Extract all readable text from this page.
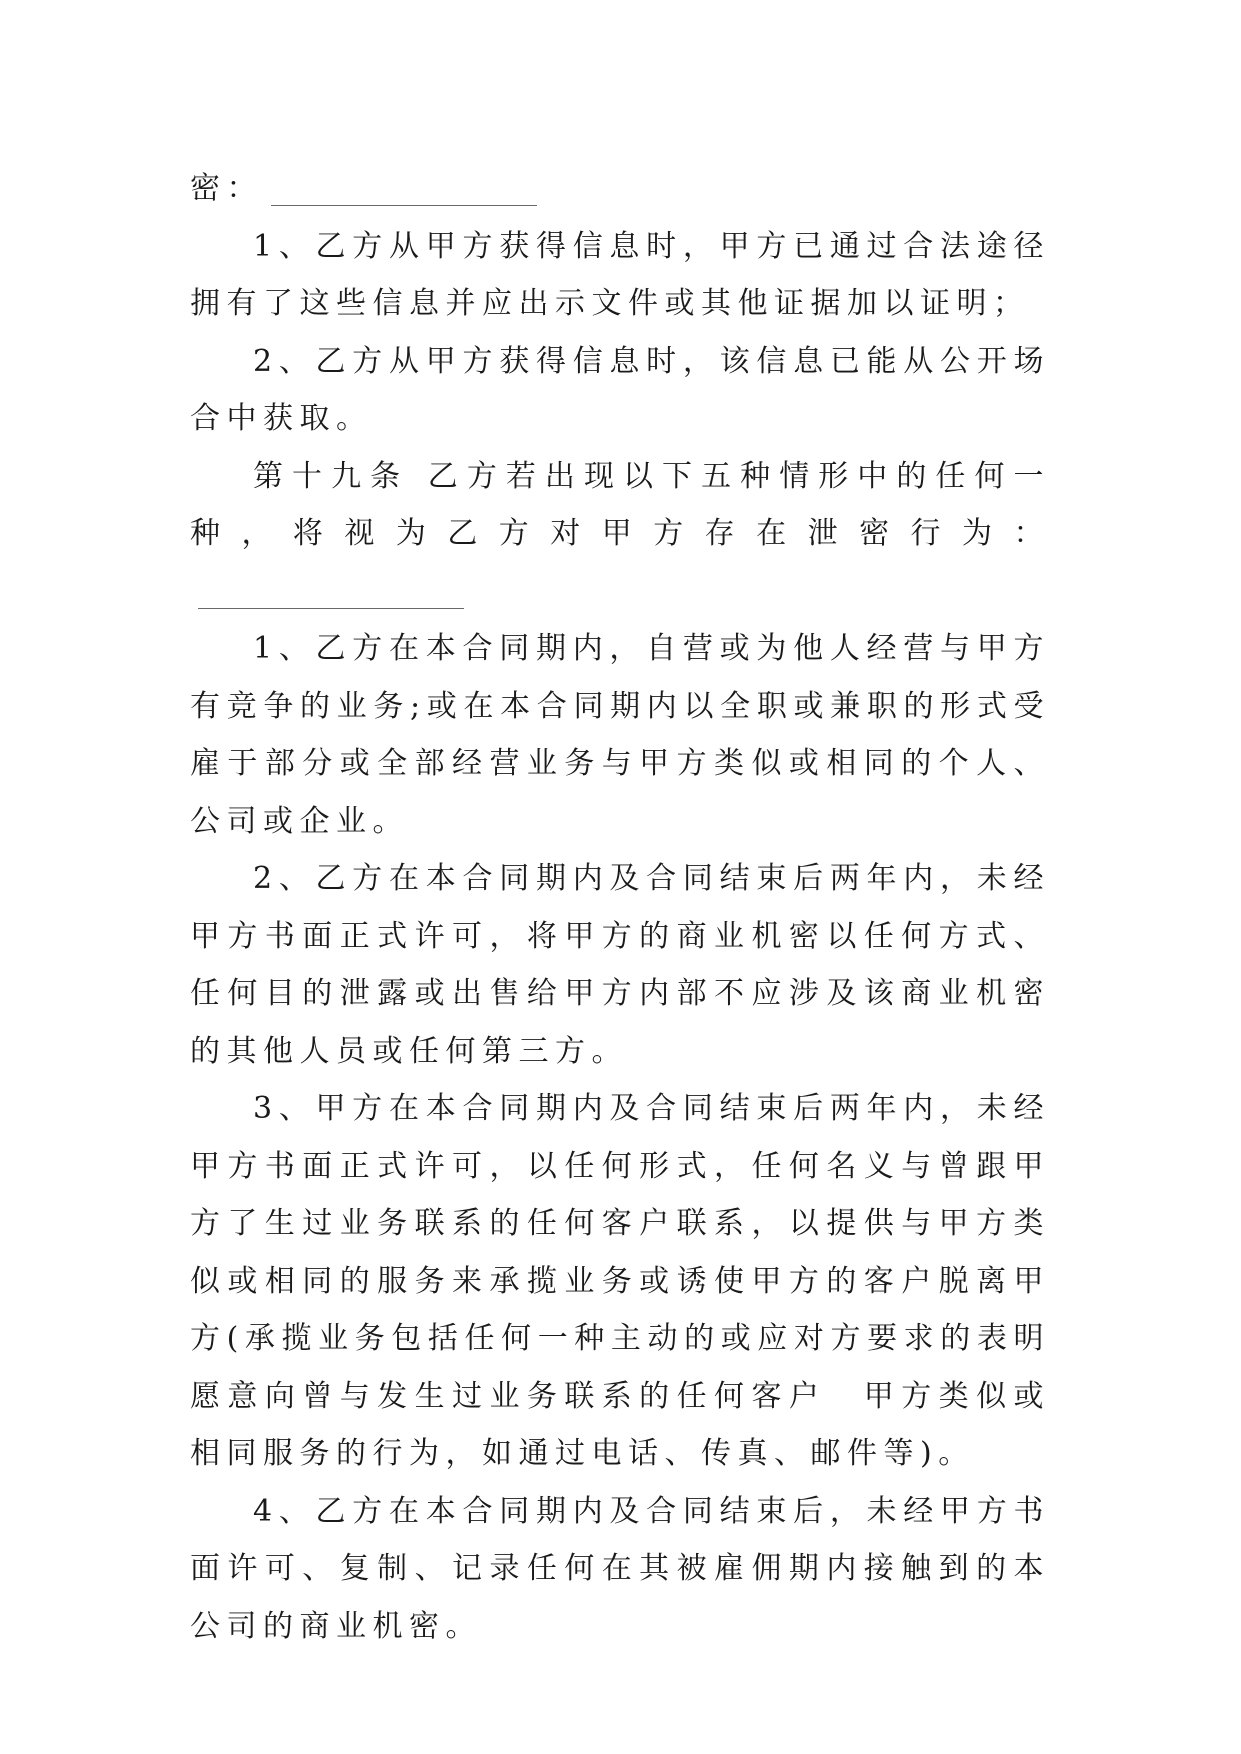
密：

1、乙方从甲方获得信息时，甲方已通过合法途径拥有了这些信息并应出示文件或其他证据加以证明；

2、乙方从甲方获得信息时，该信息已能从公开场合中获取。

第十九条 乙方若出现以下五种情形中的任何一种，将视为乙方对甲方存在泄密行为：

1、乙方在本合同期内，自营或为他人经营与甲方有竞争的业务;或在本合同期内以全职或兼职的形式受雇于部分或全部经营业务与甲方类似或相同的个人、公司或企业。

2、乙方在本合同期内及合同结束后两年内，未经甲方书面正式许可，将甲方的商业机密以任何方式、任何目的泄露或出售给甲方内部不应涉及该商业机密的其他人员或任何第三方。

3、甲方在本合同期内及合同结束后两年内，未经甲方书面正式许可，以任何形式，任何名义与曾跟甲方了生过业务联系的任何客户联系，以提供与甲方类似或相同的服务来承揽业务或诱使甲方的客户脱离甲方(承揽业务包括任何一种主动的或应对方要求的表明愿意向曾与发生过业务联系的任何客户　甲方类似或相同服务的行为，如通过电话、传真、邮件等)。

4、乙方在本合同期内及合同结束后，未经甲方书面许可、复制、记录任何在其被雇佣期内接触到的本公司的商业机密。
